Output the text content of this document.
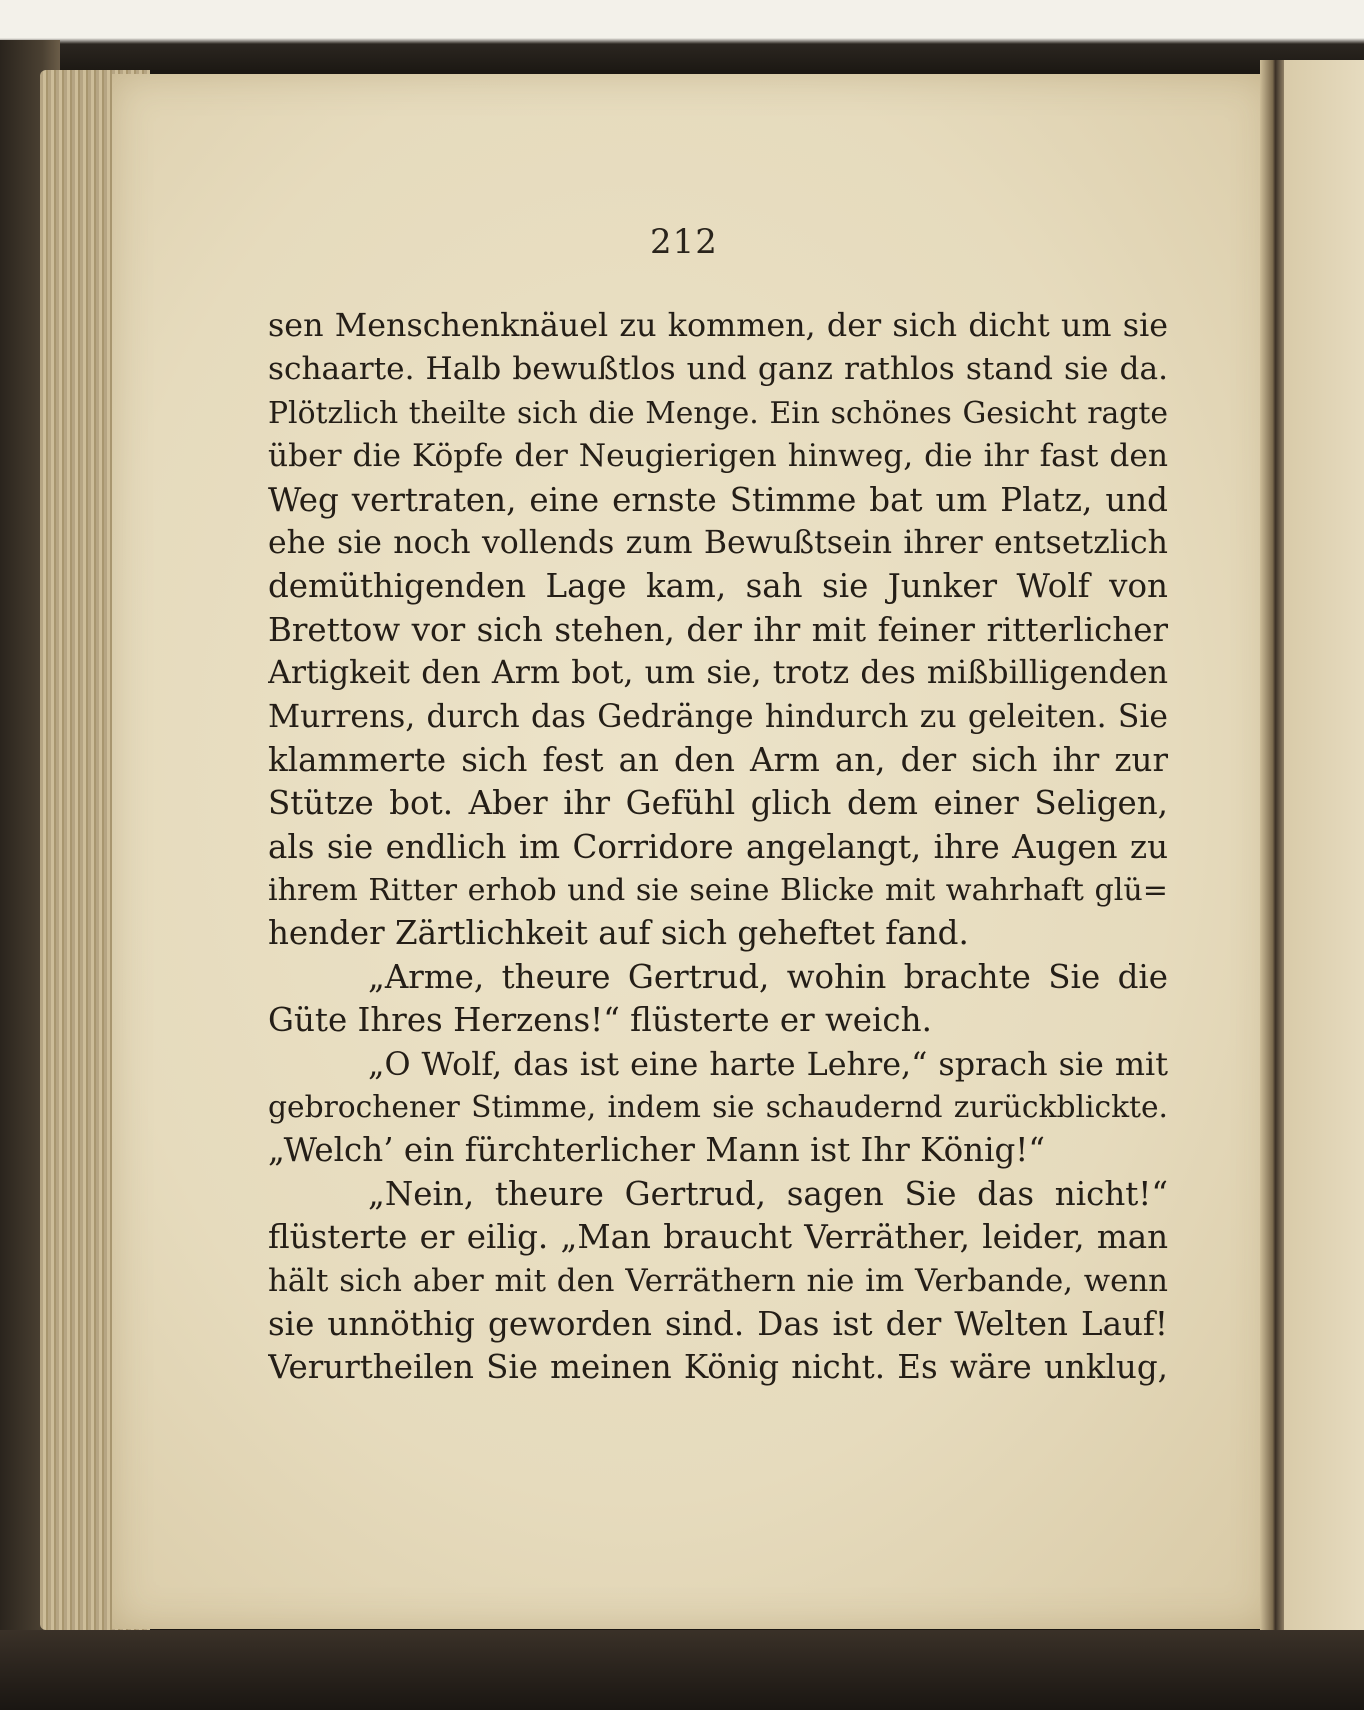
212
sen Menschenknäuel zu kommen, der sich dicht um sie
schaarte. Halb bewußtlos und ganz rathlos stand sie da.
Plötzlich theilte sich die Menge. Ein schönes Gesicht ragte
über die Köpfe der Neugierigen hinweg, die ihr fast den
Weg vertraten, eine ernste Stimme bat um Platz, und
ehe sie noch vollends zum Bewußtsein ihrer entsetzlich
demüthigenden Lage kam, sah sie Junker Wolf von
Brettow vor sich stehen, der ihr mit feiner ritterlicher
Artigkeit den Arm bot, um sie, trotz des mißbilligenden
Murrens, durch das Gedränge hindurch zu geleiten. Sie
klammerte sich fest an den Arm an, der sich ihr zur
Stütze bot. Aber ihr Gefühl glich dem einer Seligen,
als sie endlich im Corridore angelangt, ihre Augen zu
ihrem Ritter erhob und sie seine Blicke mit wahrhaft glü=
hender Zärtlichkeit auf sich geheftet fand.
„Arme, theure Gertrud, wohin brachte Sie die
Güte Ihres Herzens!“ flüsterte er weich.
„O Wolf, das ist eine harte Lehre,“ sprach sie mit
gebrochener Stimme, indem sie schaudernd zurückblickte.
„Welch’ ein fürchterlicher Mann ist Ihr König!“
„Nein, theure Gertrud, sagen Sie das nicht!“
flüsterte er eilig. „Man braucht Verräther, leider, man
hält sich aber mit den Verräthern nie im Verbande, wenn
sie unnöthig geworden sind. Das ist der Welten Lauf!
Verurtheilen Sie meinen König nicht. Es wäre unklug,
